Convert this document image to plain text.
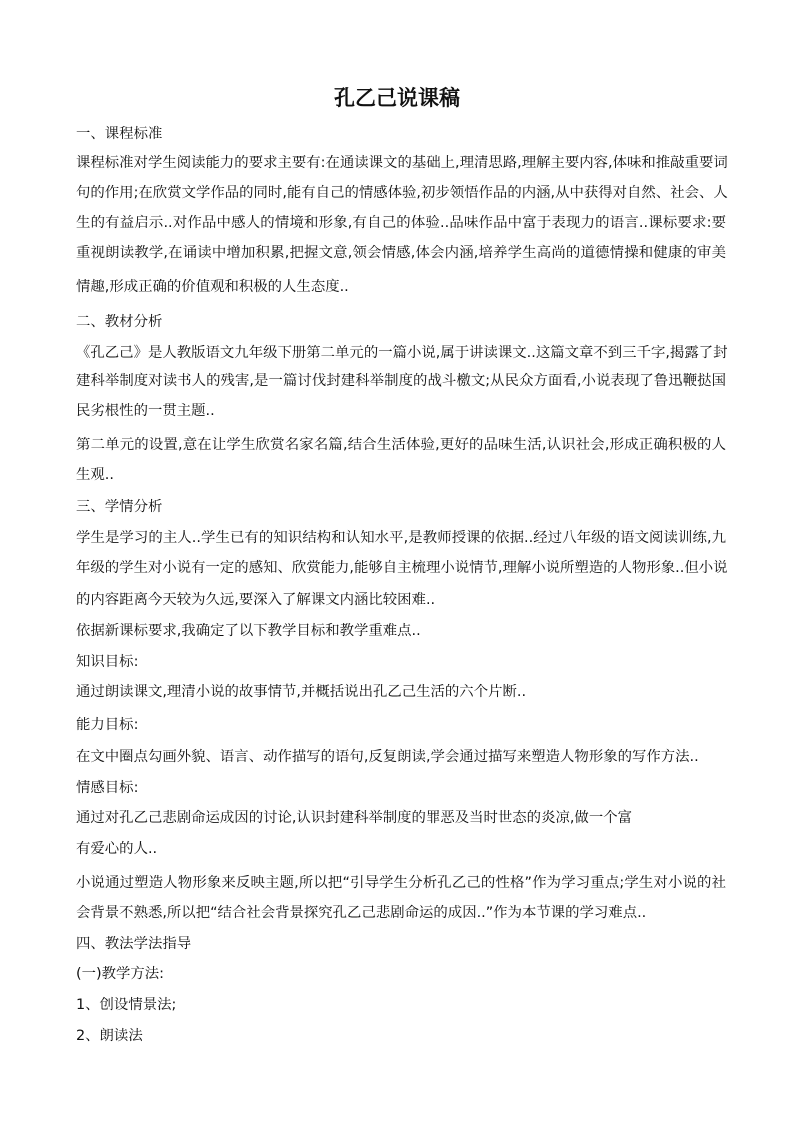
孔乙己说课稿
一、课程标准
课程标准对学生阅读能力的要求主要有:在通读课文的基础上,理清思路,理解主要内容,体味和推敲重要词
句的作用;在欣赏文学作品的同时,能有自己的情感体验,初步领悟作品的内涵,从中获得对自然、社会、人
生的有益启示..对作品中感人的情境和形象,有自己的体验..品味作品中富于表现力的语言..课标要求:要
重视朗读教学,在诵读中增加积累,把握文意,领会情感,体会内涵,培养学生高尚的道德情操和健康的审美
情趣,形成正确的价值观和积极的人生态度..
二、教材分析
《孔乙己》是人教版语文九年级下册第二单元的一篇小说,属于讲读课文..这篇文章不到三千字,揭露了封
建科举制度对读书人的残害,是一篇讨伐封建科举制度的战斗檄文;从民众方面看,小说表现了鲁迅鞭挞国
民劣根性的一贯主题..
第二单元的设置,意在让学生欣赏名家名篇,结合生活体验,更好的品味生活,认识社会,形成正确积极的人
生观..
三、学情分析
学生是学习的主人..学生已有的知识结构和认知水平,是教师授课的依据..经过八年级的语文阅读训练,九
年级的学生对小说有一定的感知、欣赏能力,能够自主梳理小说情节,理解小说所塑造的人物形象..但小说
的内容距离今天较为久远,要深入了解课文内涵比较困难..
依据新课标要求,我确定了以下教学目标和教学重难点..
知识目标:
通过朗读课文,理清小说的故事情节,并概括说出孔乙己生活的六个片断..
能力目标:
在文中圈点勾画外貌、语言、动作描写的语句,反复朗读,学会通过描写来塑造人物形象的写作方法..
情感目标:
通过对孔乙己悲剧命运成因的讨论,认识封建科举制度的罪恶及当时世态的炎凉,做一个富
有爱心的人..
小说通过塑造人物形象来反映主题,所以把“引导学生分析孔乙己的性格”作为学习重点;学生对小说的社
会背景不熟悉,所以把“结合社会背景探究孔乙己悲剧命运的成因..”作为本节课的学习难点..
四、教法学法指导
(一)教学方法:
1、创设情景法;
2、朗读法
